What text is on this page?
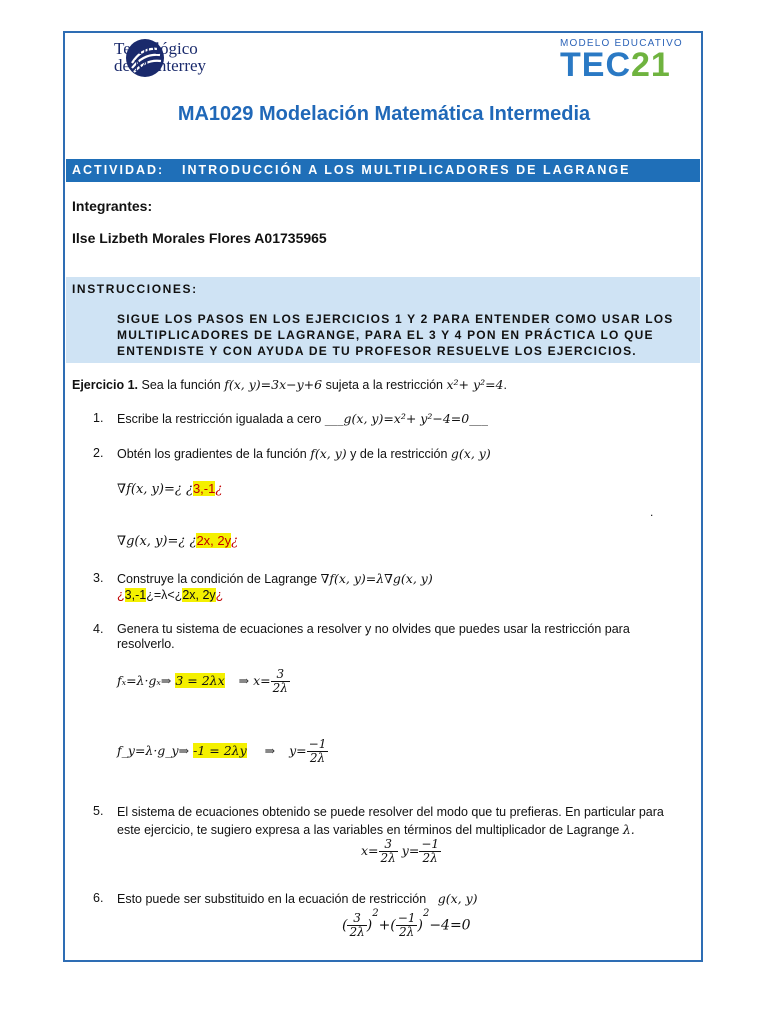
Tecnológico
de Monterrey
MODELO EDUCATIVO
TEC21
MA1029 Modelación Matemática Intermedia
ACTIVIDAD: INTRODUCCIÓN A LOS MULTIPLICADORES DE LAGRANGE
Integrantes:
Ilse Lizbeth Morales Flores A01735965
INSTRUCCIONES:
SIGUE LOS PASOS EN LOS EJERCICIOS 1 Y 2 PARA ENTENDER COMO USAR LOS
MULTIPLICADORES DE LAGRANGE, PARA EL 3 Y 4 PON EN PRÁCTICA LO QUE
ENTENDISTE Y CON AYUDA DE TU PROFESOR RESUELVE LOS EJERCICIOS.
Ejercicio 1. Sea la función f(x, y)=3x−y+6 sujeta a la restricción x²+ y²=4.
1. Escribe la restricción igualada a cero ___g(x, y)=x²+ y²−4=0___
2. Obtén los gradientes de la función f(x, y) y de la restricción g(x, y)
∇f(x, y)=¿ ¿3,-1¿
.
∇g(x, y)=¿ ¿2x, 2y¿
3. Construye la condición de Lagrange ∇f(x, y)=λ∇g(x, y)
¿3,-1¿=λ<¿2x, 2y¿
4. Genera tu sistema de ecuaciones a resolver y no olvides que puedes usar la restricción para
resolverlo.
fₓ=λ·gₓ⇒ 3 = 2λx ⇒ $x= \frac{3}{2\lambda}$
f_y=λ·g_y⇒ -1 = 2λy ⇒ $y= \frac{-1}{2\lambda}$
5. El sistema de ecuaciones obtenido se puede resolver del modo que tu prefieras. En particular para
este ejercicio, te sugiero expresa a las variables en términos del multiplicador de Lagrange λ.
$x= \frac{3}{2\lambda} y= \frac{-1}{2\lambda}$
6. Esto puede ser substituido en la ecuación de restricción g(x, y)
( $\frac{3}{2\lambda} )^2+( \frac{-1}{2\lambda} )^2-4=0$
